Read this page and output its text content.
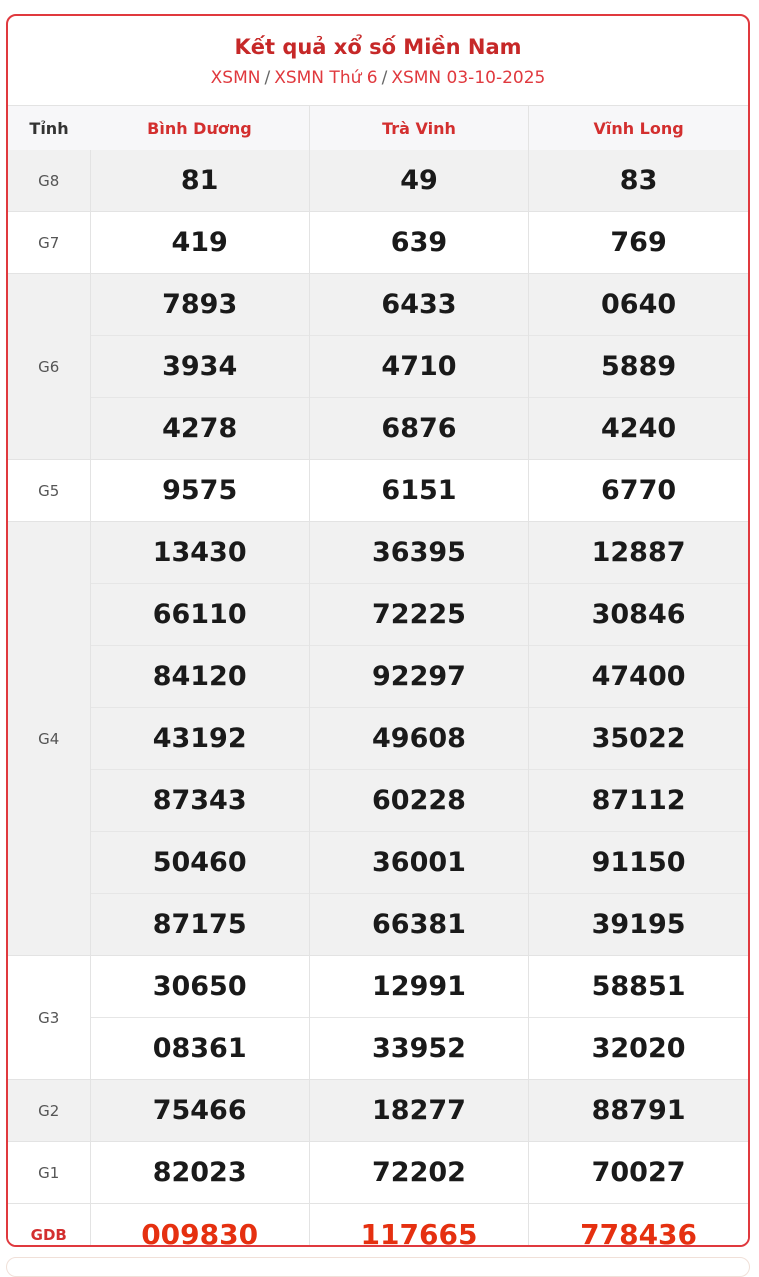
Kết quả xổ số Miền Nam
XSMN / XSMN Thứ 6 / XSMN 03-10-2025
Tỉnh	Bình Dương	Trà Vinh	Vĩnh Long
G8	81	49	83
G7	419	639	769
G6	7893	6433	0640
	3934	4710	5889
	4278	6876	4240
G5	9575	6151	6770
G4	13430	36395	12887
	66110	72225	30846
	84120	92297	47400
	43192	49608	35022
	87343	60228	87112
	50460	36001	91150
	87175	66381	39195
G3	30650	12991	58851
	08361	33952	32020
G2	75466	18277	88791
G1	82023	72202	70027
GDB	009830	117665	778436
